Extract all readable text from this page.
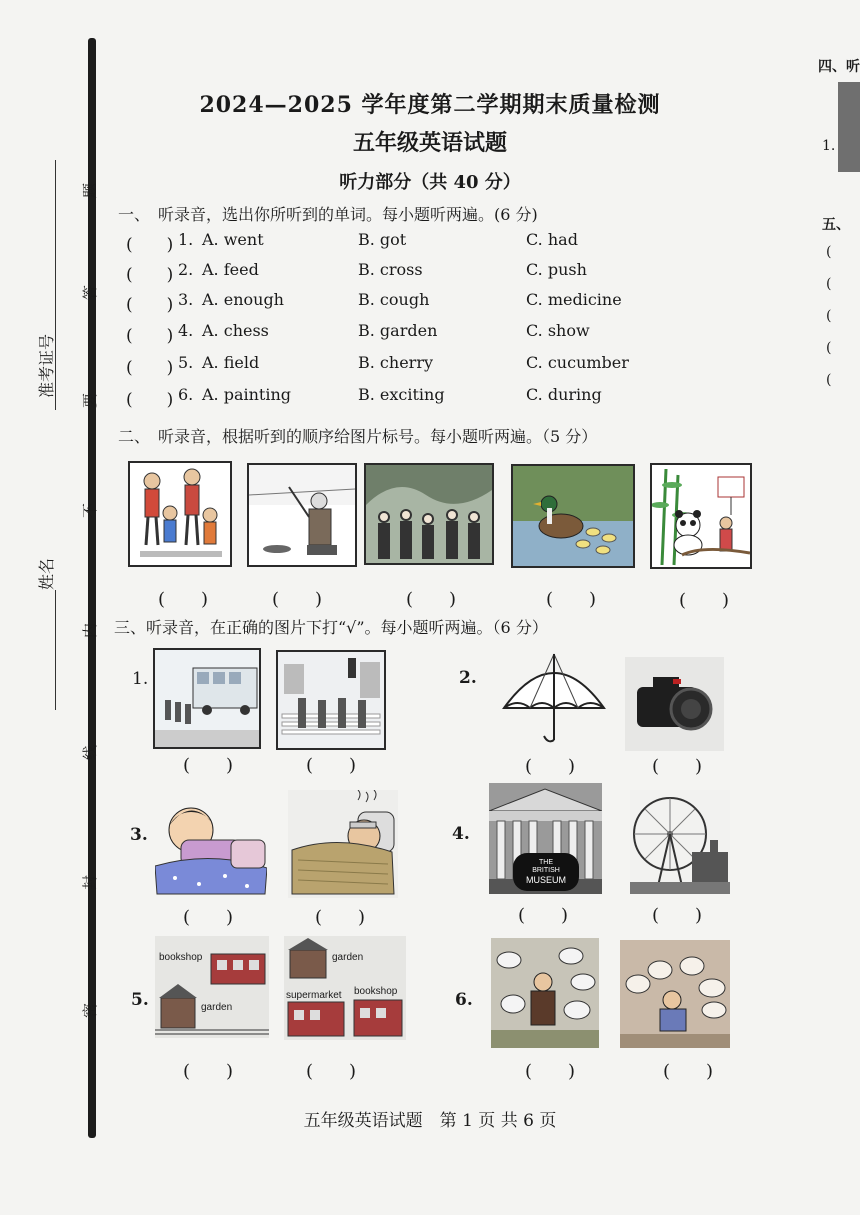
准考证号
姓名
题
答
要
不
内
线
封
密
2024—2025 学年度第二学期期末质量检测
五年级英语试题
听力部分（共 40 分）
一、　听录音，选出你所听到的单词。每小题听两遍。(6 分)
(　　) 1. A. went	B. got	C. had
(　　) 2. A. feed	B. cross	C. push
(　　) 3. A. enough	B. cough	C. medicine
(　　) 4. A. chess	B. garden	C. show
(　　) 5. A. field	B. cherry	C. cucumber
(　　) 6. A. painting	B. exciting	C. during
二、　听录音，根据听到的顺序给图片标号。每小题听两遍。（5 分）
(　　)	(　　)	(　　)	(　　)	(　　)
三、听录音，在正确的图片下打“√”。每小题听两遍。（6 分）
1.
(　　)	(　　)
2.
(　　)	(　　)
3.
(　　)	(　　)
4.
THE
BRITISH
MUSEUM
(　　)	(　　)
5.
bookshop
garden
garden
supermarket bookshop
(　　)	(　　)
6.
(　　)	(　　)
五年级英语试题　第 1 页 共 6 页
四、听
1.
五、
(
(
(
(
(
